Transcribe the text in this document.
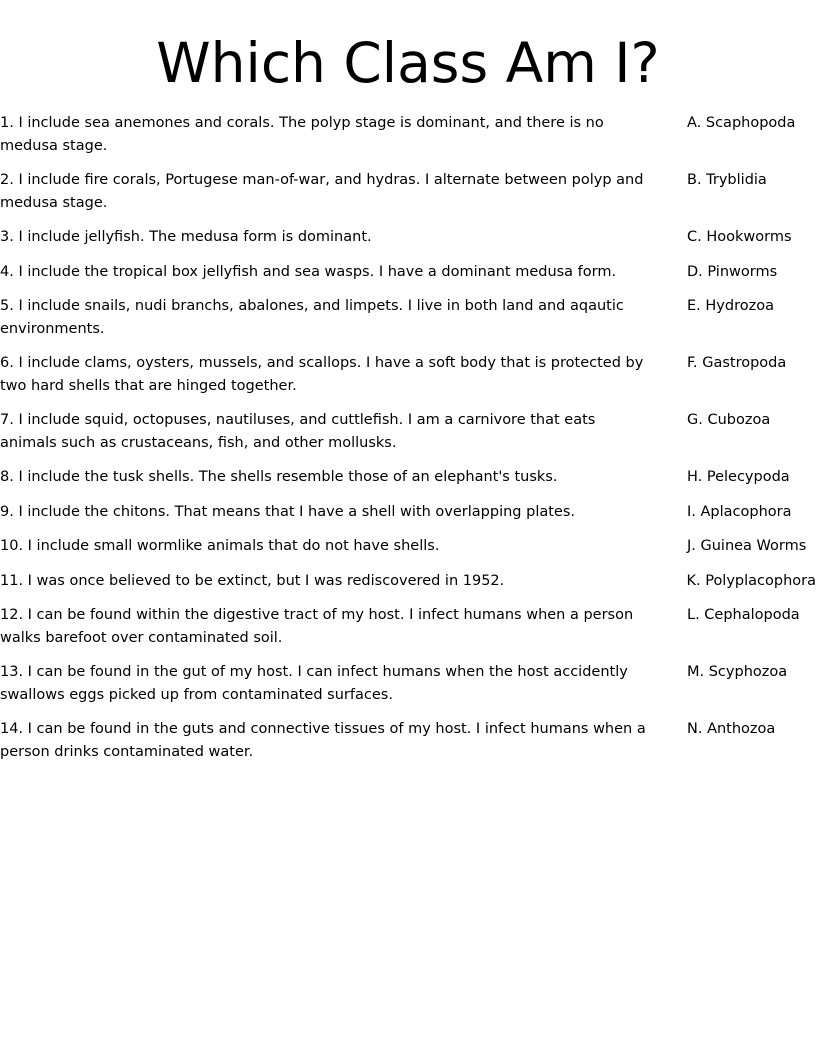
Which Class Am I?
1. I include sea anemones and corals. The polyp stage is dominant, and there is no medusa stage.
A. Scaphopoda
2. I include fire corals, Portugese man-of-war, and hydras. I alternate between polyp and medusa stage.
B. Tryblidia
3. I include jellyfish. The medusa form is dominant.	C. Hookworms
4. I include the tropical box jellyfish and sea wasps. I have a dominant medusa form.	D. Pinworms
5. I include snails, nudi branchs, abalones, and limpets. I live in both land and aqautic environments.
E. Hydrozoa
6. I include clams, oysters, mussels, and scallops. I have a soft body that is protected by two hard shells that are hinged together.
F. Gastropoda
7. I include squid, octopuses, nautiluses, and cuttlefish. I am a carnivore that eats animals such as crustaceans, fish, and other mollusks.
G. Cubozoa
8. I include the tusk shells. The shells resemble those of an elephant's tusks.	H. Pelecypoda
9. I include the chitons. That means that I have a shell with overlapping plates.	I. Aplacophora
10. I include small wormlike animals that do not have shells.	J. Guinea Worms
11. I was once believed to be extinct, but I was rediscovered in 1952.	K. Polyplacophora
12. I can be found within the digestive tract of my host. I infect humans when a person walks barefoot over contaminated soil.
L. Cephalopoda
13. I can be found in the gut of my host. I can infect humans when the host accidently swallows eggs picked up from contaminated surfaces.
M. Scyphozoa
14. I can be found in the guts and connective tissues of my host. I infect humans when a person drinks contaminated water.
N. Anthozoa
